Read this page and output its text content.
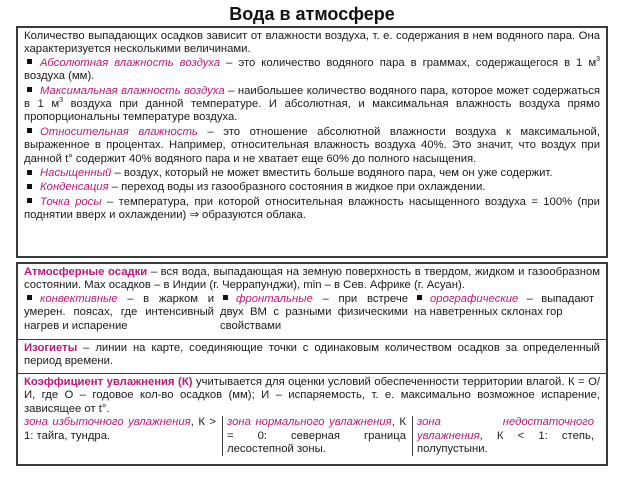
Вода в атмосфере

Количество выпадающих осадков зависит от влажности воздуха, т. е. содержания в нем водяного пара. Она характеризуется несколькими величинами.

Абсолютная влажность воздуха – это количество водяного пара в граммах, содержащегося в 1 $м^3$ воздуха (мм).

Максимальная влажность воздуха – наибольшее количество водяного пара, которое может содержаться в 1 $м^3$ воздуха при данной температуре. И абсолютная, и максимальная влажность воздуха прямо пропорциональны температуре воздуха.

Относительная влажность – это отношение абсолютной влажности воздуха к максимальной, выраженное в процентах. Например, относительная влажность воздуха 40%. Это значит, что воздух при данной t° содержит 40% водяного пара и не хватает еще 60% до полного насыщения.

Насыщенный – воздух, который не может вместить больше водяного пара, чем он уже содержит.

Конденсация – переход воды из газообразного состояния в жидкое при охлаждении.

Точка росы – температура, при которой относительная влажность насыщенного воздуха = 100% (при поднятии вверх и охлаждении) ⇒ образуются облака.

Атмосферные осадки – вся вода, выпадающая на земную поверхность в твердом, жидком и газообразном состоянии. Max осадков – в Индии (г. Черрапунджи), min – в Сев. Африке (г. Асуан).

конвективные – в жарком и умерен. поясах, где интенсивный нагрев и испарение
фронтальные – при встрече двух ВМ с разными физическими свойствами
орографические – выпадают на наветренных склонах гор

Изогиеты – линии на карте, соединяющие точки с одинаковым количеством осадков за определенный период времени.

Коэффициент увлажнения (К) учитывается для оценки условий обеспеченности территории влагой. К = О/И, где О – годовое кол-во осадков (мм); И – испаряемость, т. е. максимально возможное испарение, зависящее от t°.

зона избыточного увлажнения, К > 1: тайга, тундра.
зона нормального увлажнения, К = 0: северная граница лесостепной зоны.
зона недостаточного увлажнения, К < 1: степь, полупустыни.
